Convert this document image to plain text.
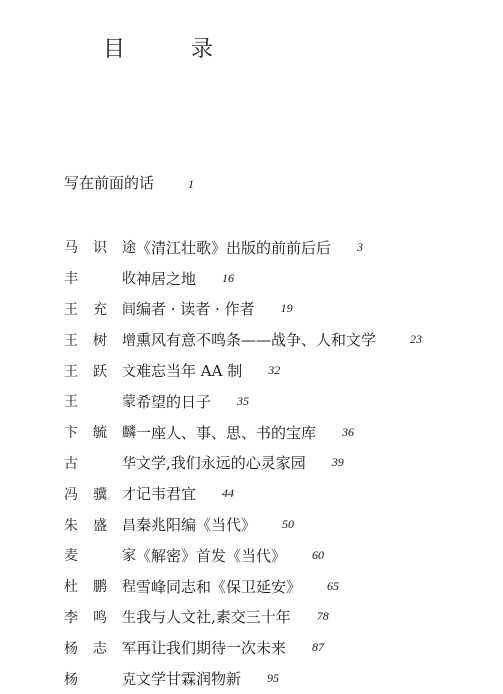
目　录
写在前面的话	1
马识途 《清江壮歌》出版的前前后后 3
丰　收 神居之地 16
王充闾 编者 · 读者 · 作者 19
王树增 熏风有意不鸣条——战争、人和文学	23
王跃文 难忘当年 AA 制 32
王　蒙 希望的日子 35
卞毓麟 一座人、事、思、书的宝库 36
古　华 文学,我们永远的心灵家园 39
冯骥才 记韦君宜 44
朱盛昌 秦兆阳编《当代》 50
麦　家 《解密》首发《当代》 60
杜鹏程 雪峰同志和《保卫延安》 65
李鸣生 我与人文社,素交三十年 78
杨志军 再让我们期待一次未来 87
杨　克 文学甘霖润物新 95
